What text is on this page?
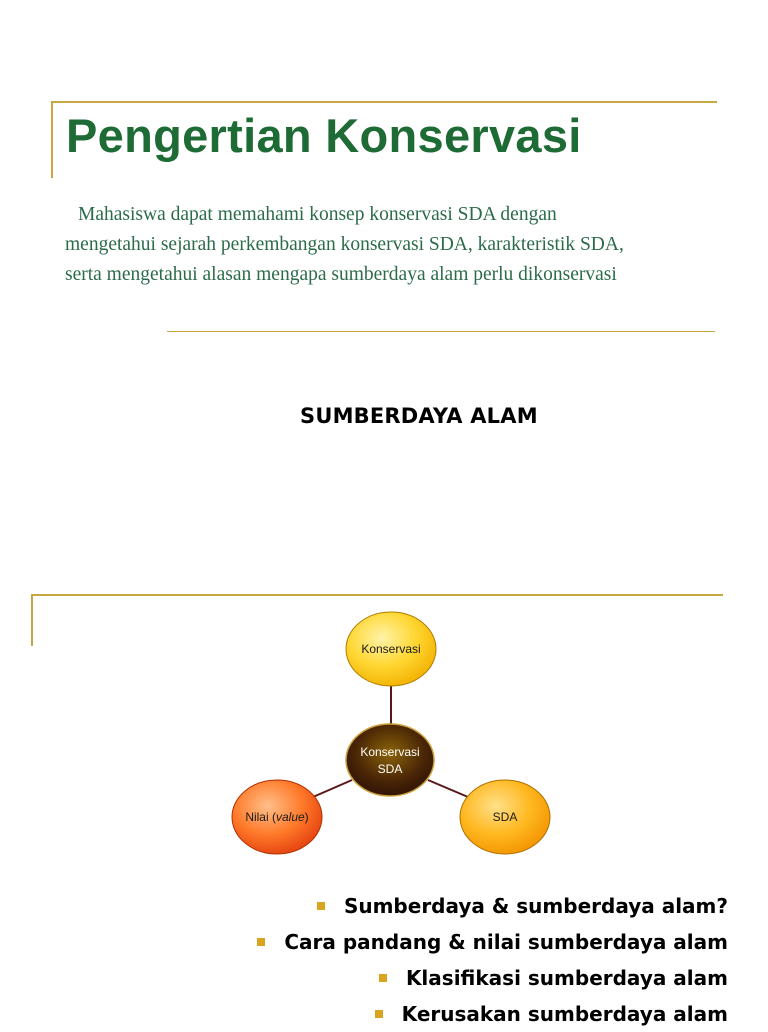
Pengertian Konservasi

Mahasiswa dapat memahami konsep konservasi SDA dengan
mengetahui sejarah perkembangan konservasi SDA, karakteristik SDA,
serta mengetahui alasan mengapa sumberdaya alam perlu dikonservasi

SUMBERDAYA ALAM
Konservasi
Nilai (value)	SDA
Konservasi
SDA
Sumberdaya & sumberdaya alam?
Cara pandang & nilai sumberdaya alam
Klasifikasi sumberdaya alam
Kerusakan sumberdaya alam
